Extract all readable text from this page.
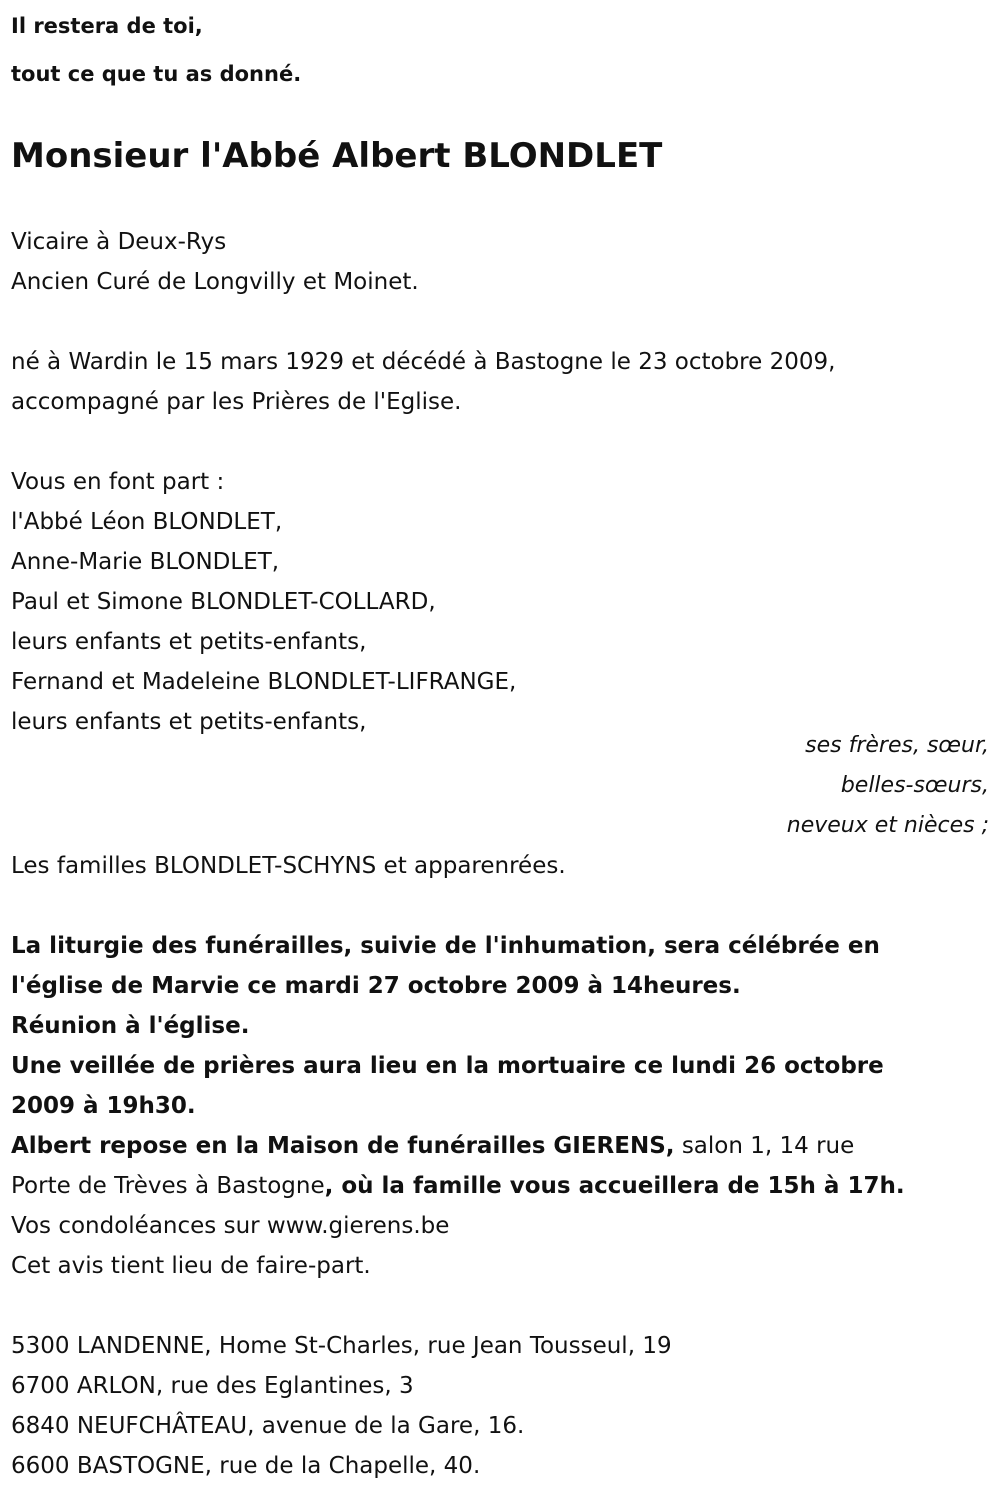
Il restera de toi,
tout ce que tu as donné.
Monsieur l'Abbé Albert BLONDLET
Vicaire à Deux-Rys
Ancien Curé de Longvilly et Moinet.
né à Wardin le 15 mars 1929 et décédé à Bastogne le 23 octobre 2009,
accompagné par les Prières de l'Eglise.
Vous en font part :
l'Abbé Léon BLONDLET,
Anne-Marie BLONDLET,
Paul et Simone BLONDLET-COLLARD,
leurs enfants et petits-enfants,
Fernand et Madeleine BLONDLET-LIFRANGE,
leurs enfants et petits-enfants,
ses frères, sœur,
belles-sœurs,
neveux et nièces ;
Les familles BLONDLET-SCHYNS et apparenrées.
La liturgie des funérailles, suivie de l'inhumation, sera célébrée en
l'église de Marvie ce mardi 27 octobre 2009 à 14heures.
Réunion à l'église.
Une veillée de prières aura lieu en la mortuaire ce lundi 26 octobre
2009 à 19h30.
Albert repose en la Maison de funérailles GIERENS, salon 1, 14 rue
Porte de Trèves à Bastogne, où la famille vous accueillera de 15h à 17h.
Vos condoléances sur www.gierens.be
Cet avis tient lieu de faire-part.
5300 LANDENNE, Home St-Charles, rue Jean Tousseul, 19
6700 ARLON, rue des Eglantines, 3
6840 NEUFCHÂTEAU, avenue de la Gare, 16.
6600 BASTOGNE, rue de la Chapelle, 40.
